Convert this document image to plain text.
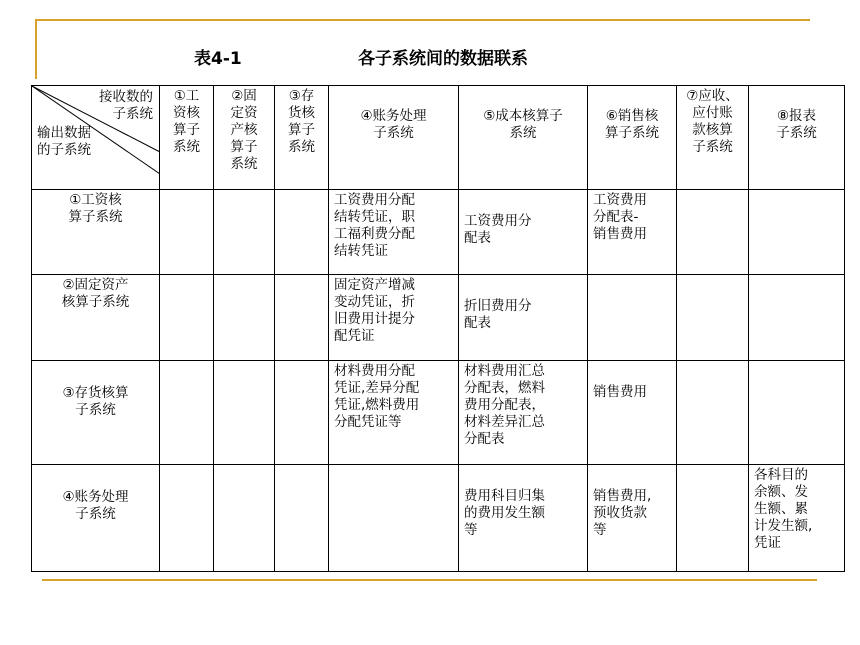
表4-1	各子系统间的数据联系
接收数的
子系统
输出数据
的子系统	①工
资核
算子
系统	②固
定资
产核
算子
系统	③存
货核
算子
系统	④账务处理
子系统	⑤成本核算子
系统	⑥销售核
算子系统	⑦应收、
应付账
款核算
子系统	⑧报表
子系统
①工资核
算子系统				工资费用分配
结转凭证，职
工福利费分配
结转凭证	工资费用分
配表	工资费用
分配表-
销售费用		
②固定资产
核算子系统				固定资产增减
变动凭证，折
旧费用计提分
配凭证	折旧费用分
配表			
③存货核算
子系统				材料费用分配
凭证,差异分配
凭证,燃料费用
分配凭证等	材料费用汇总
分配表，燃料
费用分配表，
材料差异汇总
分配表	销售费用		
④账务处理
子系统					费用科目归集
的费用发生额
等	销售费用,
预收货款
等		各科目的
余额、发
生额、累
计发生额,
凭证
